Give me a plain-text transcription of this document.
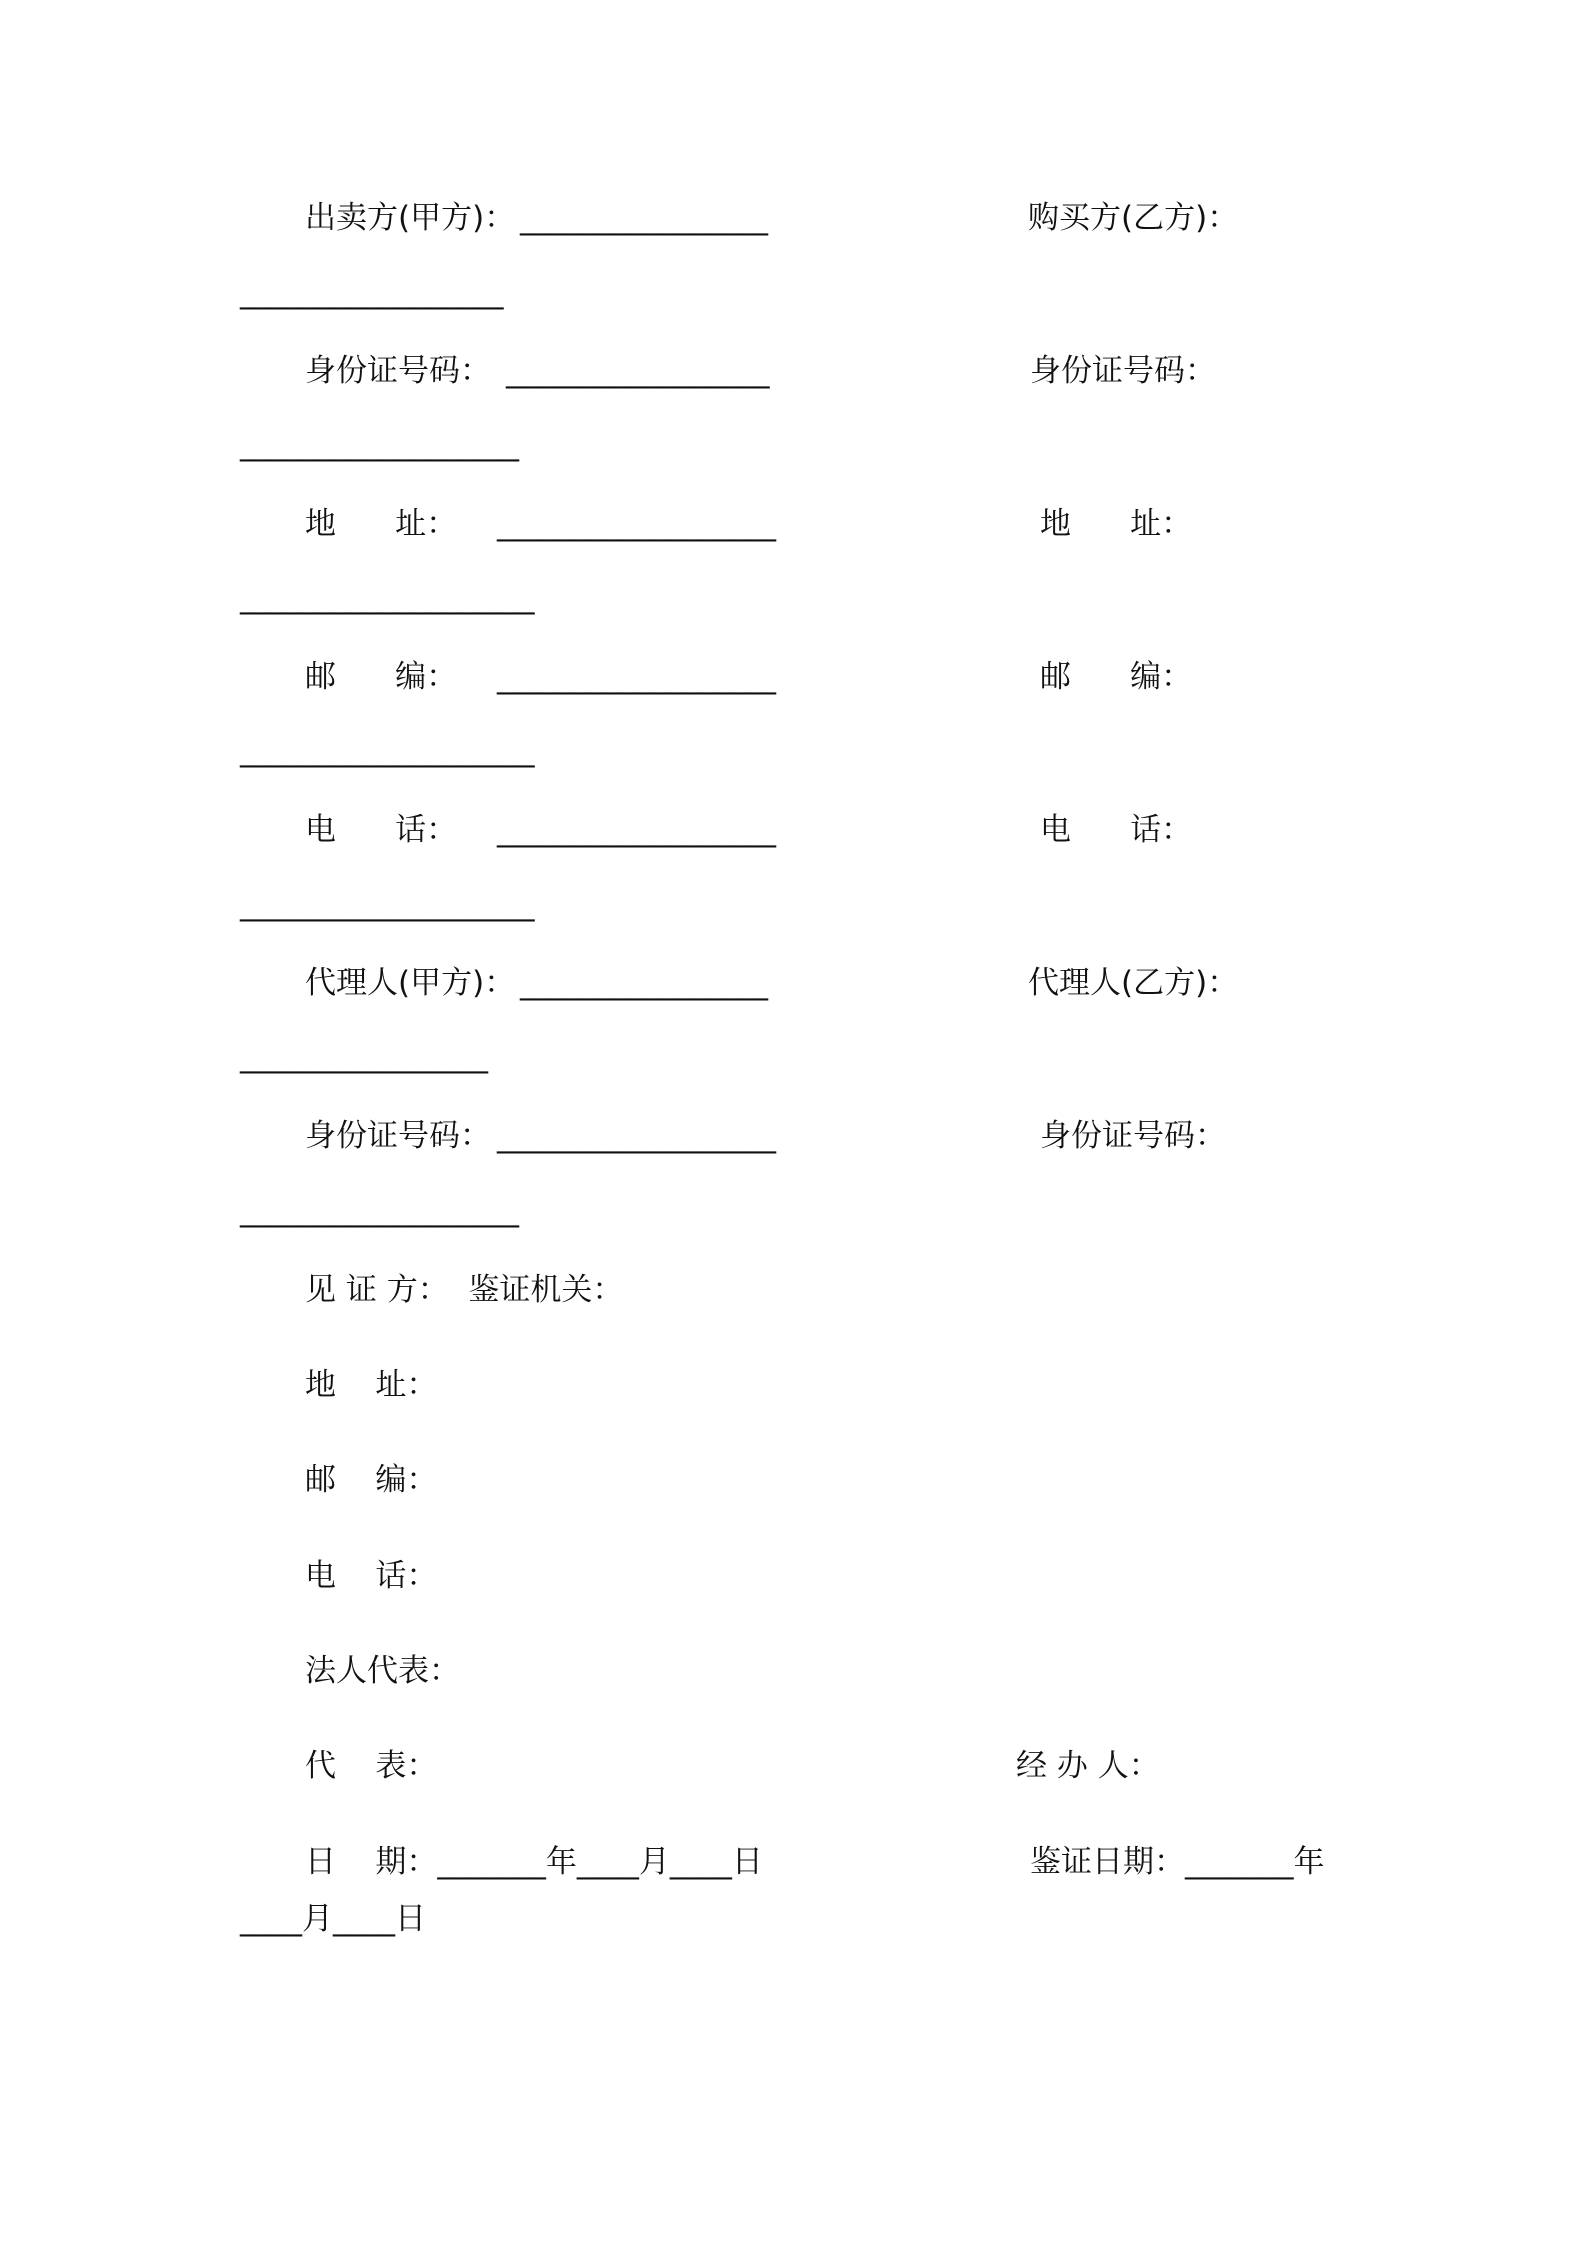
出卖方(甲方)： ________________	购买方(乙方)：
_________________
身份证号码： _________________	身份证号码：
__________________
地      址： __________________	地      址：
___________________
邮      编： __________________	邮      编：
___________________
电      话： __________________	电      话：
___________________
代理人(甲方)： ________________	代理人(乙方)：
________________
身份证号码： __________________	身份证号码：
__________________
见 证 方：  鉴证机关：
地    址：
邮    编：
电    话：
法人代表：
代    表：	经 办 人：
日    期：_______年____月____日	鉴证日期：_______年
____月____日
